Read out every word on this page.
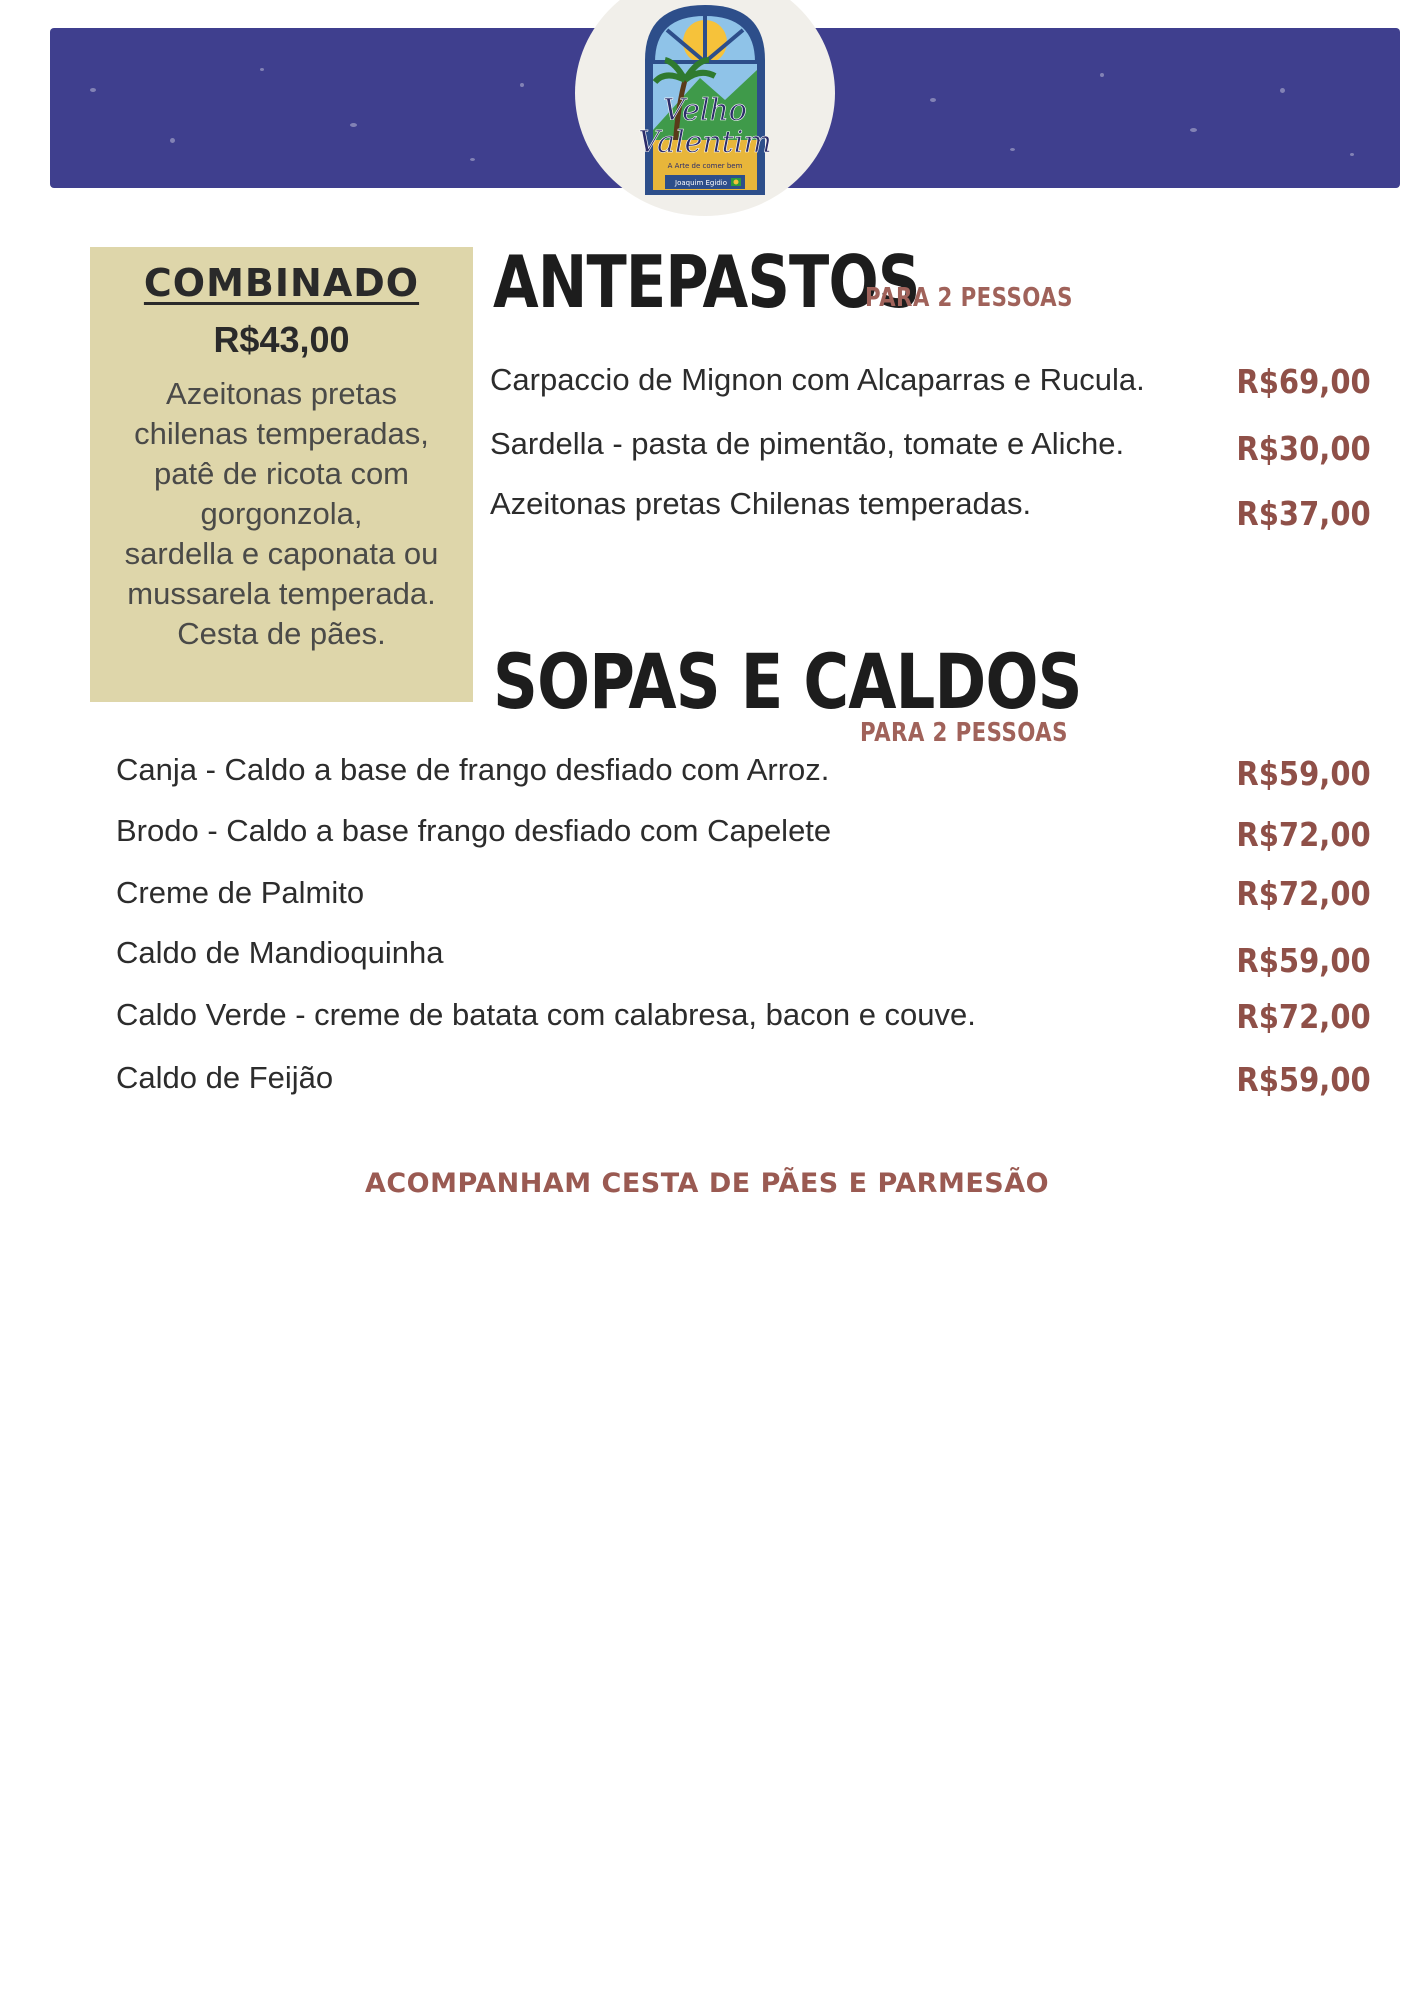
Velho
Valentim
A Arte de comer bem
Joaquim Egidio
COMBINADO
R$43,00
Azeitonas pretas
chilenas temperadas,
patê de ricota com
gorgonzola,
sardella e caponata ou
mussarela temperada.
Cesta de pães.
ANTEPASTOS
PARA 2 PESSOAS
Carpaccio de Mignon com Alcaparras e Rucula.	R$69,00
Sardella - pasta de pimentão, tomate e Aliche.	R$30,00
Azeitonas pretas Chilenas temperadas.	R$37,00
SOPAS E CALDOS
PARA 2 PESSOAS
Canja - Caldo a base de frango desfiado com Arroz.	R$59,00
Brodo - Caldo a base frango desfiado com Capelete	R$72,00
Creme de Palmito	R$72,00
Caldo de Mandioquinha	R$59,00
Caldo Verde - creme de batata com calabresa, bacon e couve.	R$72,00
Caldo de Feijão	R$59,00
ACOMPANHAM CESTA DE PÃES E PARMESÃO
